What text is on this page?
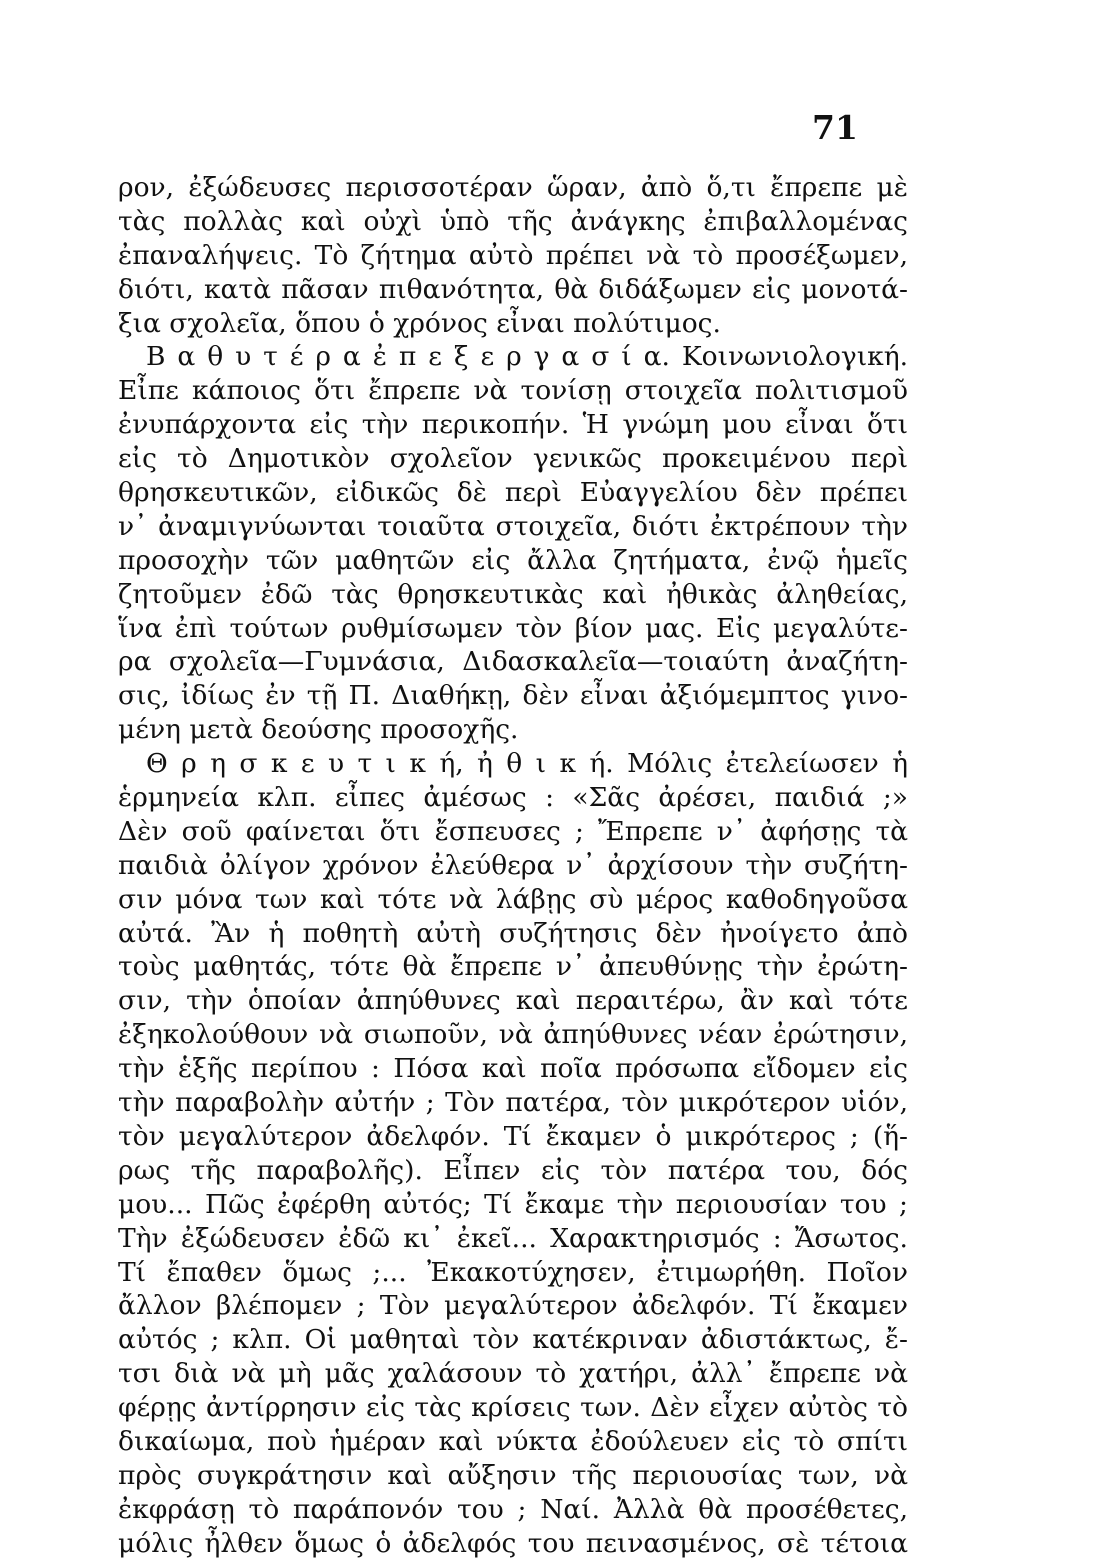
71
ρον, ἐξώδευσες περισσοτέραν ὥραν, ἀπὸ ὅ,τι ἔπρεπε μὲ
τὰς πολλὰς καὶ οὐχὶ ὑπὸ τῆς ἀνάγκης ἐπιβαλλομένας
ἐπαναλήψεις. Τὸ ζήτημα αὐτὸ πρέπει νὰ τὸ προσέξωμεν,
διότι, κατὰ πᾶσαν πιθανότητα, θὰ διδάξωμεν εἰς μονοτά-
ξια σχολεῖα, ὅπου ὁ χρόνος εἶναι πολύτιμος.
Β α θ υ τ έ ρ α ἐ π ε ξ ε ρ γ α σ ί α. Κοινωνιολογική.
Εἶπε κάποιος ὅτι ἔπρεπε νὰ τονίσῃ στοιχεῖα πολιτισμοῦ
ἐνυπάρχοντα εἰς τὴν περικοπήν. Ἡ γνώμη μου εἶναι ὅτι
εἰς τὸ Δημοτικὸν σχολεῖον γενικῶς προκειμένου περὶ
θρησκευτικῶν, εἰδικῶς δὲ περὶ Εὐαγγελίου δὲν πρέπει
ν᾿ ἀναμιγνύωνται τοιαῦτα στοιχεῖα, διότι ἐκτρέπουν τὴν
προσοχὴν τῶν μαθητῶν εἰς ἄλλα ζητήματα, ἐνῷ ἡμεῖς
ζητοῦμεν ἐδῶ τὰς θρησκευτικὰς καὶ ἠθικὰς ἀληθείας,
ἵνα ἐπὶ τούτων ρυθμίσωμεν τὸν βίον μας. Εἰς μεγαλύτε-
ρα σχολεῖα—Γυμνάσια, Διδασκαλεῖα—τοιαύτη ἀναζήτη-
σις, ἰδίως ἐν τῇ Π. Διαθήκῃ, δὲν εἶναι ἀξιόμεμπτος γινο-
μένη μετὰ δεούσης προσοχῆς.
Θ ρ η σ κ ε υ τ ι κ ή, ἠ θ ι κ ή. Μόλις ἐτελείωσεν ἡ
ἑρμηνεία κλπ. εἶπες ἀμέσως : «Σᾶς ἀρέσει, παιδιά ;»
Δὲν σοῦ φαίνεται ὅτι ἔσπευσες ; Ἔπρεπε ν᾿ ἀφήσῃς τὰ
παιδιὰ ὀλίγον χρόνον ἐλεύθερα ν᾿ ἀρχίσουν τὴν συζήτη-
σιν μόνα των καὶ τότε νὰ λάβῃς σὺ μέρος καθοδηγοῦσα
αὐτά. Ἂν ἡ ποθητὴ αὐτὴ συζήτησις δὲν ἠνοίγετο ἀπὸ
τοὺς μαθητάς, τότε θὰ ἔπρεπε ν᾿ ἀπευθύνῃς τὴν ἐρώτη-
σιν, τὴν ὁποίαν ἀπηύθυνες καὶ περαιτέρω, ἂν καὶ τότε
ἐξηκολούθουν νὰ σιωποῦν, νὰ ἀπηύθυνες νέαν ἐρώτησιν,
τὴν ἑξῆς περίπου : Πόσα καὶ ποῖα πρόσωπα εἴδομεν εἰς
τὴν παραβολὴν αὐτήν ; Τὸν πατέρα, τὸν μικρότερον υἱόν,
τὸν μεγαλύτερον ἀδελφόν. Τί ἔκαμεν ὁ μικρότερος ; (ἥ-
ρως τῆς παραβολῆς). Εἶπεν εἰς τὸν πατέρα του, δός
μου... Πῶς ἐφέρθη αὐτός; Τί ἔκαμε τὴν περιουσίαν του ;
Τὴν ἐξώδευσεν ἐδῶ κι᾿ ἐκεῖ... Χαρακτηρισμός : Ἄσωτος.
Τί ἔπαθεν ὅμως ;... Ἐκακοτύχησεν, ἐτιμωρήθη. Ποῖον
ἄλλον βλέπομεν ; Τὸν μεγαλύτερον ἀδελφόν. Τί ἔκαμεν
αὐτός ; κλπ. Οἱ μαθηταὶ τὸν κατέκριναν ἀδιστάκτως, ἔ-
τσι διὰ νὰ μὴ μᾶς χαλάσουν τὸ χατήρι, ἀλλ᾿ ἔπρεπε νὰ
φέρῃς ἀντίρρησιν εἰς τὰς κρίσεις των. Δὲν εἶχεν αὐτὸς τὸ
δικαίωμα, ποὺ ἡμέραν καὶ νύκτα ἐδούλευεν εἰς τὸ σπίτι
πρὸς συγκράτησιν καὶ αὔξησιν τῆς περιουσίας των, νὰ
ἐκφράσῃ τὸ παράπονόν του ; Ναί. Ἀλλὰ θὰ προσέθετες,
μόλις ἦλθεν ὅμως ὁ ἀδελφός του πεινασμένος, σὲ τέτοια
